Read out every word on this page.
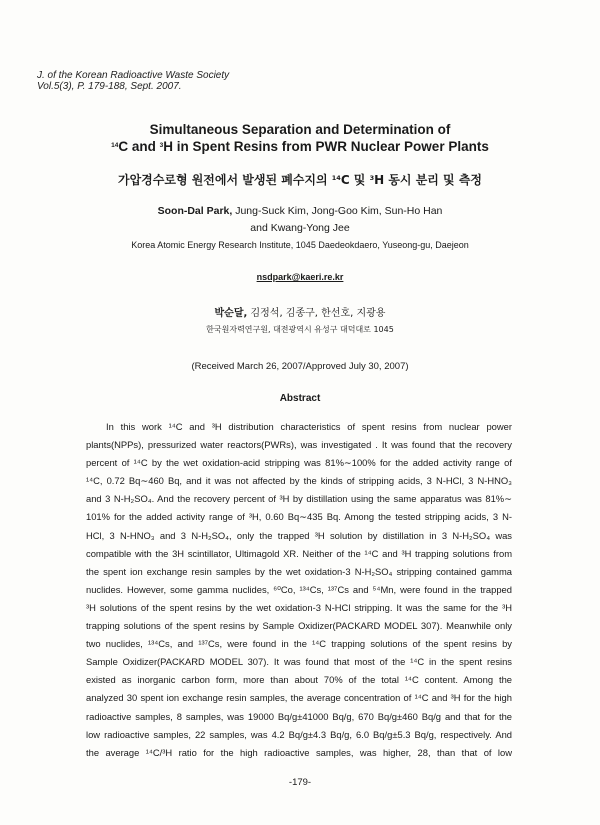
J. of the Korean Radioactive Waste Society
Vol.5(3), P. 179-188, Sept. 2007.
Simultaneous Separation and Determination of
$^{14}$C and $^3$H in Spent Resins from PWR Nuclear Power Plants
가압경수로형 원전에서 발생된 폐수지의 $^{14}$C 및 $^3$H 동시 분리 및 측정
Soon-Dal Park, Jung-Suck Kim, Jong-Goo Kim, Sun-Ho Han
and Kwang-Yong Jee
Korea Atomic Energy Research Institute, 1045 Daedeokdaero, Yuseong-gu, Daejeon
nsdpark@kaeri.re.kr
박순달, 김정석, 김종구, 한선호, 지광용
한국원자력연구원, 대전광역시 유성구 대덕대로 1045
(Received March 26, 2007/Approved July 30, 2007)
Abstract
In this work ¹⁴C and ³H distribution characteristics of spent resins from nuclear power
plants(NPPs), pressurized water reactors(PWRs), was investigated . It was found that the recovery
percent of ¹⁴C by the wet oxidation-acid stripping was 81%∼100% for the added activity range of
¹⁴C, 0.72 Bq∼460 Bq, and it was not affected by the kinds of stripping acids, 3 N-HCl, 3 N-HNO₃
and 3 N-H₂SO₄. And the recovery percent of ³H by distillation using the same apparatus was 81%∼
101% for the added activity range of ³H, 0.60 Bq∼435 Bq. Among the tested stripping acids, 3 N-
HCl, 3 N-HNO₃ and 3 N-H₂SO₄, only the trapped ³H solution by distillation in 3 N-H₂SO₄ was
compatible with the 3H scintillator, Ultimagold XR. Neither of the ¹⁴C and ³H trapping solutions from
the spent ion exchange resin samples by the wet oxidation-3 N-H₂SO₄ stripping contained gamma
nuclides. However, some gamma nuclides, ⁶⁰Co, ¹³⁴Cs, ¹³⁷Cs and ⁵⁴Mn, were found in the trapped
³H solutions of the spent resins by the wet oxidation-3 N-HCl stripping. It was the same for the ³H
trapping solutions of the spent resins by Sample Oxidizer(PACKARD MODEL 307). Meanwhile only
two nuclides, ¹³⁴Cs, and ¹³⁷Cs, were found in the ¹⁴C trapping solutions of the spent resins by
Sample Oxidizer(PACKARD MODEL 307). It was found that most of the ¹⁴C in the spent resins
existed as inorganic carbon form, more than about 70% of the total ¹⁴C content. Among the
analyzed 30 spent ion exchange resin samples, the average concentration of ¹⁴C and ³H for the high
radioactive samples, 8 samples, was 19000 Bq/g±41000 Bq/g, 670 Bq/g±460 Bq/g and that for the
low radioactive samples, 22 samples, was 4.2 Bq/g±4.3 Bq/g, 6.0 Bq/g±5.3 Bq/g, respectively. And
the average ¹⁴C/³H ratio for the high radioactive samples, was higher, 28, than that of low
-179-
